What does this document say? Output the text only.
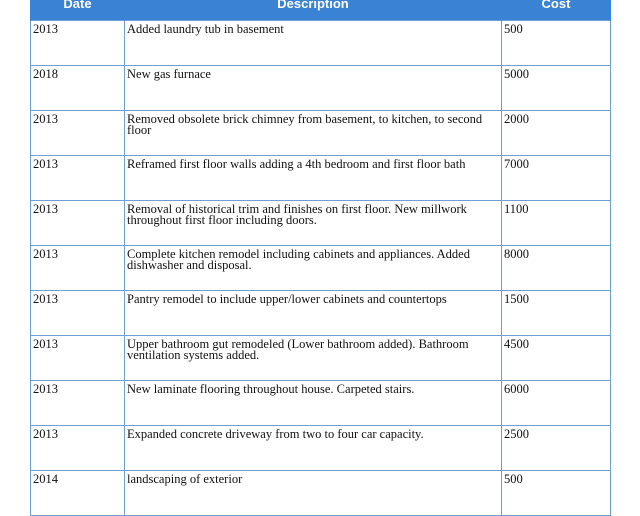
Date	Description	Cost
2013	Added laundry tub in basement	500
2018	New gas furnace	5000
2013	Removed obsolete brick chimney from basement, to kitchen, to second floor	2000
2013	Reframed first floor walls adding a 4th bedroom and first floor bath	7000
2013	Removal of historical trim and finishes on first floor. New millwork throughout first floor including doors.	1100
2013	Complete kitchen remodel including cabinets and appliances. Added dishwasher and disposal.	8000
2013	Pantry remodel to include upper/lower cabinets and countertops	1500
2013	Upper bathroom gut remodeled (Lower bathroom added). Bathroom ventilation systems added.	4500
2013	New laminate flooring throughout house. Carpeted stairs.	6000
2013	Expanded concrete driveway from two to four car capacity.	2500
2014	landscaping of exterior	500
